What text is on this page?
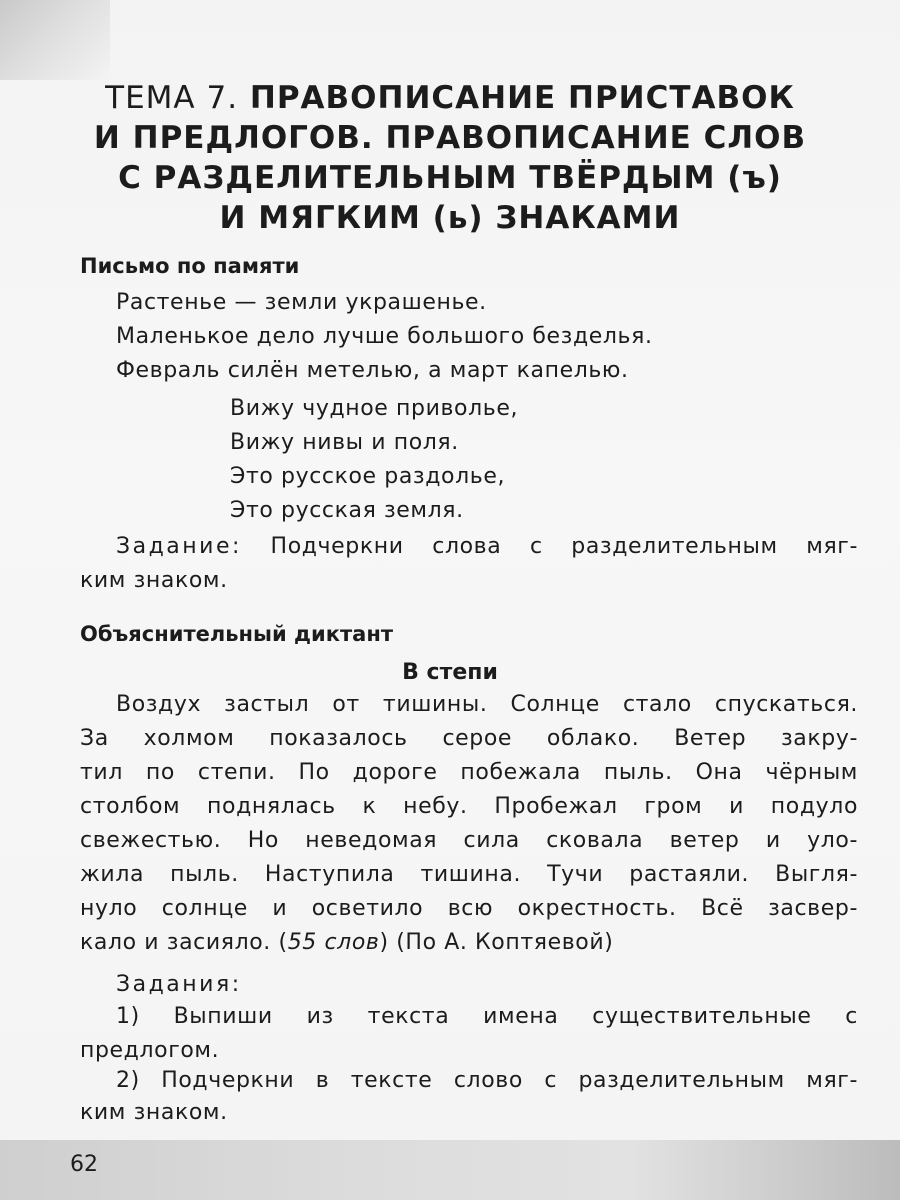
ТЕМА 7. ПРАВОПИСАНИЕ ПРИСТАВОК
И ПРЕДЛОГОВ. ПРАВОПИСАНИЕ СЛОВ
С РАЗДЕЛИТЕЛЬНЫМ ТВЁРДЫМ (ъ)
И МЯГКИМ (ь) ЗНАКАМИ
Письмо по памяти
Растенье — земли украшенье.
Маленькое дело лучше большого безделья.
Февраль силён метелью, а март капелью.
Вижу чудное приволье,
Вижу нивы и поля.
Это русское раздолье,
Это русская земля.
Задание: Подчеркни слова с разделительным мяг-
ким знаком.
Объяснительный диктант
В степи
Воздух застыл от тишины. Солнце стало спускаться.
За холмом показалось серое облако. Ветер закру-
тил по степи. По дороге побежала пыль. Она чёрным
столбом поднялась к небу. Пробежал гром и подуло
свежестью. Но неведомая сила сковала ветер и уло-
жила пыль. Наступила тишина. Тучи растаяли. Выгля-
нуло солнце и осветило всю окрестность. Всё засвер-
кало и засияло. (55 слов) (По А. Коптяевой)
Задания:
1) Выпиши из текста имена существительные с
предлогом.
2) Подчеркни в тексте слово с разделительным мяг-
ким знаком.
62
